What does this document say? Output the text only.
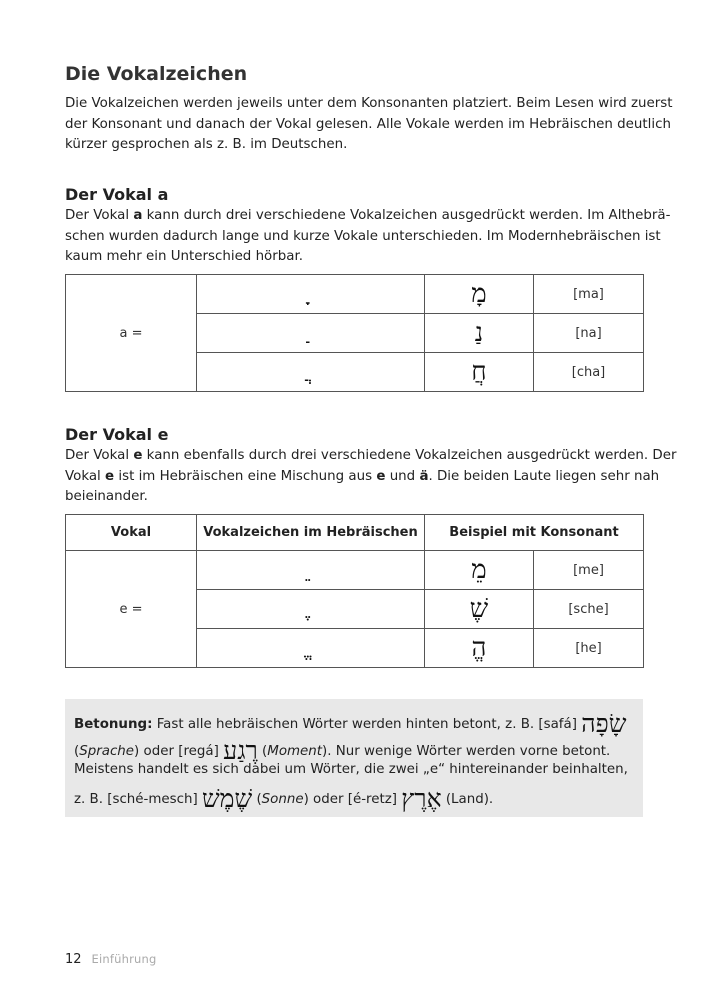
Die Vokalzeichen

Die Vokalzeichen werden jeweils unter dem Konsonanten platziert. Beim Lesen wird zuerst
der Konsonant und danach der Vokal gelesen. Alle Vokale werden im Hebräischen deutlich
kürzer gesprochen als z. B. im Deutschen.

Der Vokal a

Der Vokal a kann durch drei verschiedene Vokalzeichen ausgedrückt werden. Im Althebrä-
schen wurden dadurch lange und kurze Vokale unterschieden. Im Modernhebräischen ist
kaum mehr ein Unterschied hörbar.

a =	ָ	מָ	[ma]
	ַ	נַ	[na]
	ֲ	חֲ	[cha]
Der Vokal e

Der Vokal e kann ebenfalls durch drei verschiedene Vokalzeichen ausgedrückt werden. Der
Vokal e ist im Hebräischen eine Mischung aus e und ä. Die beiden Laute liegen sehr nah
beieinander.

Vokal	Vokalzeichen im Hebräischen	Beispiel mit Konsonant	
e =	ֵ	מֵ	[me]
	ֶ	שֶׁ	[sche]
	ֱ	הֱ	[he]

Betonung: Fast alle hebräischen Wörter werden hinten betont, z. B. [safá] שָׂפָה

(Sprache) oder [regá] רֶגַע (Moment). Nur wenige Wörter werden vorne betont.

Meistens handelt es sich dabei um Wörter, die zwei „e“ hintereinander beinhalten,

z. B. [sché-mesch] שֶׁמֶשׁ (Sonne) oder [é-retz] אֶרֶץ (Land).

12 Einführung
